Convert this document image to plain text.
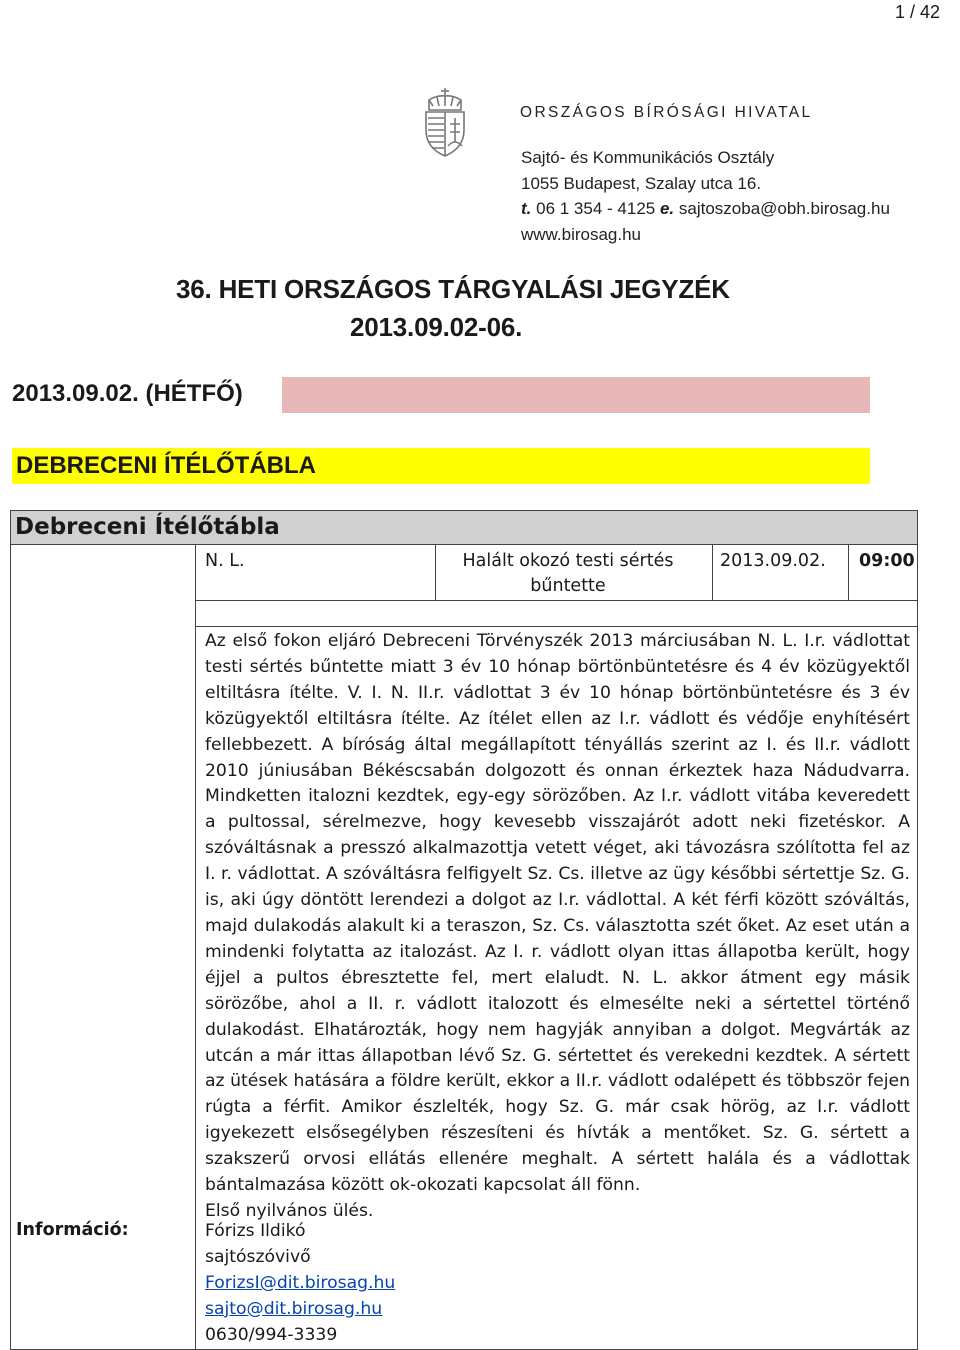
1 / 42
ORSZÁGOS BÍRÓSÁGI HIVATAL
Sajtó- és Kommunikációs Osztály
1055 Budapest, Szalay utca 16.
t. 06 1 354 - 4125 e. sajtoszoba@obh.birosag.hu
www.birosag.hu
36. HETI ORSZÁGOS TÁRGYALÁSI JEGYZÉK
2013.09.02-06.
2013.09.02. (HÉTFŐ)
DEBRECENI ÍTÉLŐTÁBLA
Debreceni Ítélőtábla
N. L.	Halált okozó testi sértés bűntette
2013.09.02. 09:00

Az első fokon eljáró Debreceni Törvényszék 2013 márciusában N. L. I.r. vádlottat testi sértés bűntette miatt 3 év 10 hónap börtönbüntetésre és 4 év közügyektől eltiltásra ítélte. V. I. N. II.r. vádlottat 3 év 10 hónap börtönbüntetésre és 3 év közügyektől eltiltásra ítélte. Az ítélet ellen az I.r. vádlott és védője enyhítésért fellebbezett. A bíróság által megállapított tényállás szerint az I. és II.r. vádlott 2010 júniusában Békéscsabán dolgozott és onnan érkeztek haza Nádudvarra. Mindketten italozni kezdtek, egy-egy sörözőben. Az I.r. vádlott vitába keveredett a pultossal, sérelmezve, hogy kevesebb visszajárót adott neki fizetéskor. A szóváltásnak a presszó alkalmazottja vetett véget, aki távozásra szólította fel az I. r. vádlottat. A szóváltásra felfigyelt Sz. Cs. illetve az ügy későbbi sértettje Sz. G. is, aki úgy döntött lerendezi a dolgot az I.r. vádlottal. A két férfi között szóváltás, majd dulakodás alakult ki a teraszon, Sz. Cs. választotta szét őket. Az eset után a mindenki folytatta az italozást. Az I. r. vádlott olyan ittas állapotba került, hogy éjjel a pultos ébresztette fel, mert elaludt. N. L. akkor átment egy másik sörözőbe, ahol a II. r. vádlott italozott és elmesélte neki a sértettel történő dulakodást. Elhatározták, hogy nem hagyják annyiban a dolgot. Megvárták az utcán a már ittas állapotban lévő Sz. G. sértettet és verekedni kezdtek. A sértett az ütések hatására a földre került, ekkor a II.r. vádlott odalépett és többször fejen rúgta a férfit. Amikor észlelték, hogy Sz. G. már csak hörög, az I.r. vádlott igyekezett elsősegélyben részesíteni és hívták a mentőket. Sz. G. sértett a szakszerű orvosi ellátás ellenére meghalt. A sértett halála és a vádlottak bántalmazása között ok-okozati kapcsolat áll fönn.

Első nyilvános ülés.

Információ:	Fórizs Ildikó
sajtószóvivő
ForizsI@dit.birosag.hu
sajto@dit.birosag.hu
0630/994-3339
